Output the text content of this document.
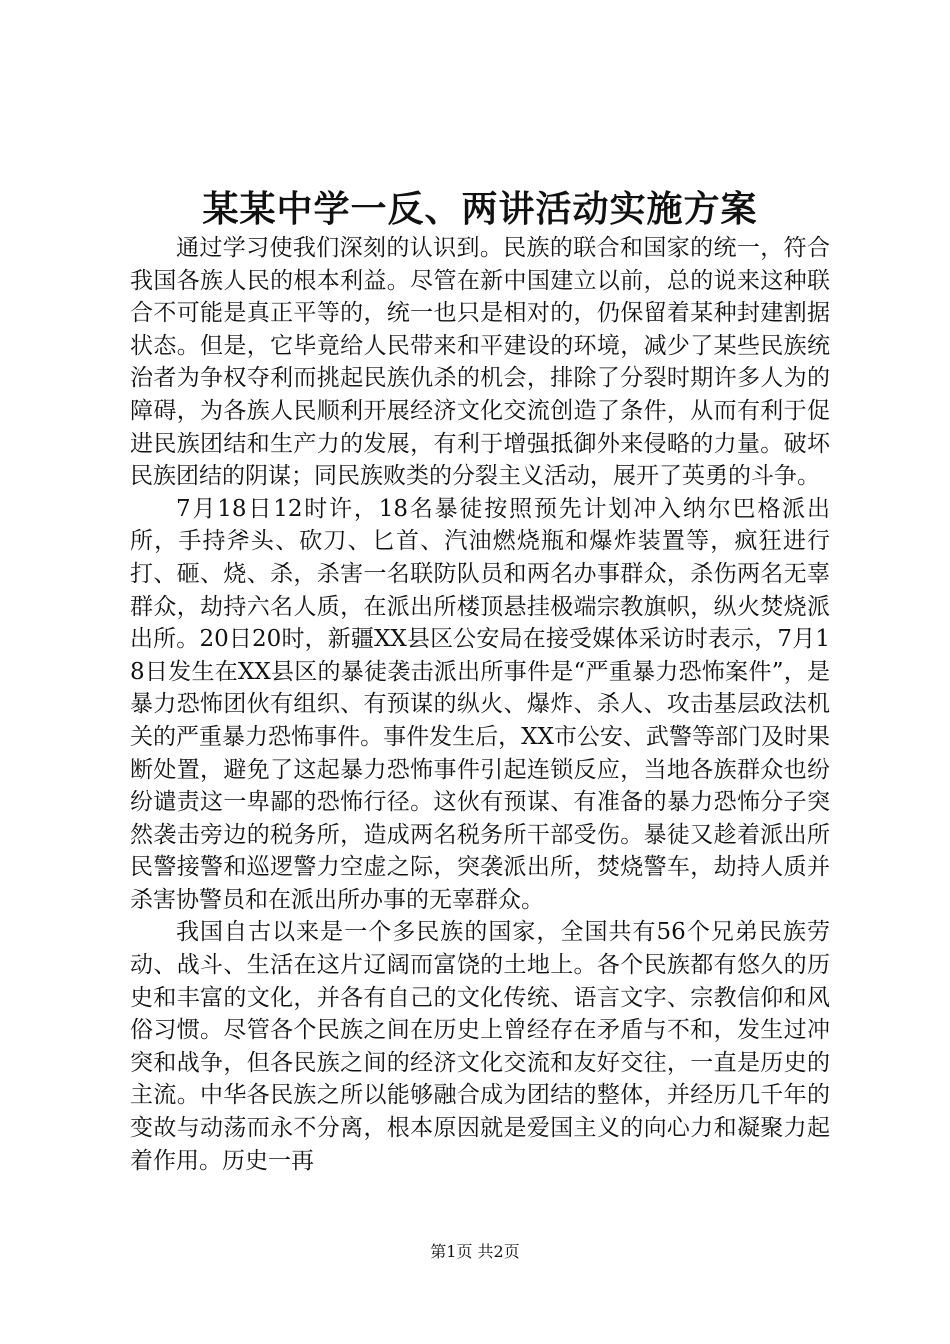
某某中学一反、两讲活动实施方案

通过学习使我们深刻的认识到。民族的联合和国家的统一，符合我国各族人民的根本利益。尽管在新中国建立以前，总的说来这种联合不可能是真正平等的，统一也只是相对的，仍保留着某种封建割据状态。但是，它毕竟给人民带来和平建设的环境，减少了某些民族统治者为争权夺利而挑起民族仇杀的机会，排除了分裂时期许多人为的障碍，为各族人民顺利开展经济文化交流创造了条件，从而有利于促进民族团结和生产力的发展，有利于增强抵御外来侵略的力量。破坏民族团结的阴谋；同民族败类的分裂主义活动，展开了英勇的斗争。

7月18日12时许，18名暴徒按照预先计划冲入纳尔巴格派出所，手持斧头、砍刀、匕首、汽油燃烧瓶和爆炸装置等，疯狂进行打、砸、烧、杀，杀害一名联防队员和两名办事群众，杀伤两名无辜群众，劫持六名人质，在派出所楼顶悬挂极端宗教旗帜，纵火焚烧派出所。20日20时，新疆XX县区公安局在接受媒体采访时表示，7月18日发生在XX县区的暴徒袭击派出所事件是“严重暴力恐怖案件”，是暴力恐怖团伙有组织、有预谋的纵火、爆炸、杀人、攻击基层政法机关的严重暴力恐怖事件。事件发生后，XX市公安、武警等部门及时果断处置，避免了这起暴力恐怖事件引起连锁反应，当地各族群众也纷纷谴责这一卑鄙的恐怖行径。这伙有预谋、有准备的暴力恐怖分子突然袭击旁边的税务所，造成两名税务所干部受伤。暴徒又趁着派出所民警接警和巡逻警力空虚之际，突袭派出所，焚烧警车，劫持人质并杀害协警员和在派出所办事的无辜群众。

我国自古以来是一个多民族的国家，全国共有56个兄弟民族劳动、战斗、生活在这片辽阔而富饶的土地上。各个民族都有悠久的历史和丰富的文化，并各有自己的文化传统、语言文字、宗教信仰和风俗习惯。尽管各个民族之间在历史上曾经存在矛盾与不和，发生过冲突和战争，但各民族之间的经济文化交流和友好交往，一直是历史的主流。中华各民族之所以能够融合成为团结的整体，并经历几千年的变故与动荡而永不分离，根本原因就是爱国主义的向心力和凝聚力起着作用。历史一再

第1页 共2页
